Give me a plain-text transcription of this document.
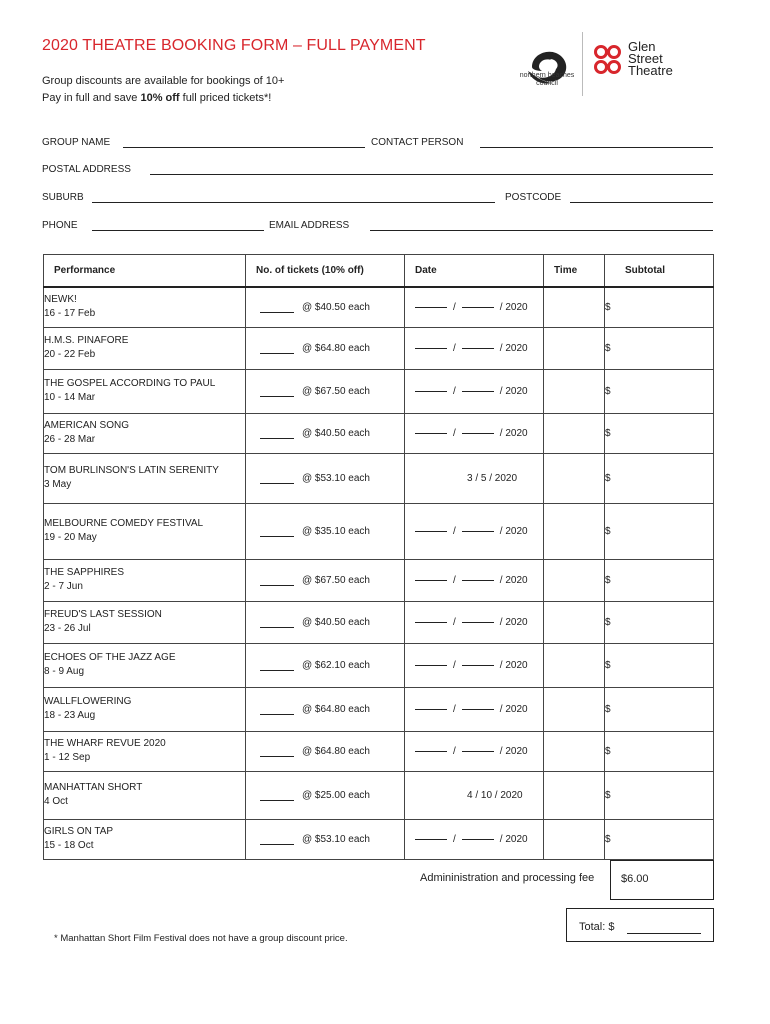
2020 THEATRE BOOKING FORM – FULL PAYMENT
Group discounts are available for bookings of 10+
Pay in full and save 10% off full priced tickets*!
northern beaches council
Glen
Street
Theatre
GROUP NAME	CONTACT PERSON
POSTAL ADDRESS
SUBURB	POSTCODE
PHONE	EMAIL ADDRESS
Performance	No. of tickets (10% off)	Date	Time	Subtotal

NEWK!
16 - 17 Feb	@ $40.50 each	/ / 2020		$

H.M.S. PINAFORE
20 - 22 Feb	@ $64.80 each	/ / 2020		$

THE GOSPEL ACCORDING TO PAUL
10 - 14 Mar	@ $67.50 each	/ / 2020		$

AMERICAN SONG
26 - 28 Mar	@ $40.50 each	/ / 2020		$

TOM BURLINSON'S LATIN SERENITY
3 May	@ $53.10 each	3 / 5 / 2020		$

MELBOURNE COMEDY FESTIVAL
19 - 20 May	@ $35.10 each	/ / 2020		$

THE SAPPHIRES
2 - 7 Jun	@ $67.50 each	/ / 2020		$

FREUD'S LAST SESSION
23 - 26 Jul	@ $40.50 each	/ / 2020		$

ECHOES OF THE JAZZ AGE
8 - 9 Aug	@ $62.10 each	/ / 2020		$

WALLFLOWERING
18 - 23 Aug	@ $64.80 each	/ / 2020		$

THE WHARF REVUE 2020
1 - 12 Sep	@ $64.80 each	/ / 2020		$

MANHATTAN SHORT
4 Oct	@ $25.00 each	4 / 10 / 2020		$

GIRLS ON TAP
15 - 18 Oct	@ $53.10 each	/ / 2020		$
Admininistration and processing fee $6.00
Total: $
* Manhattan Short Film Festival does not have a group discount price.
